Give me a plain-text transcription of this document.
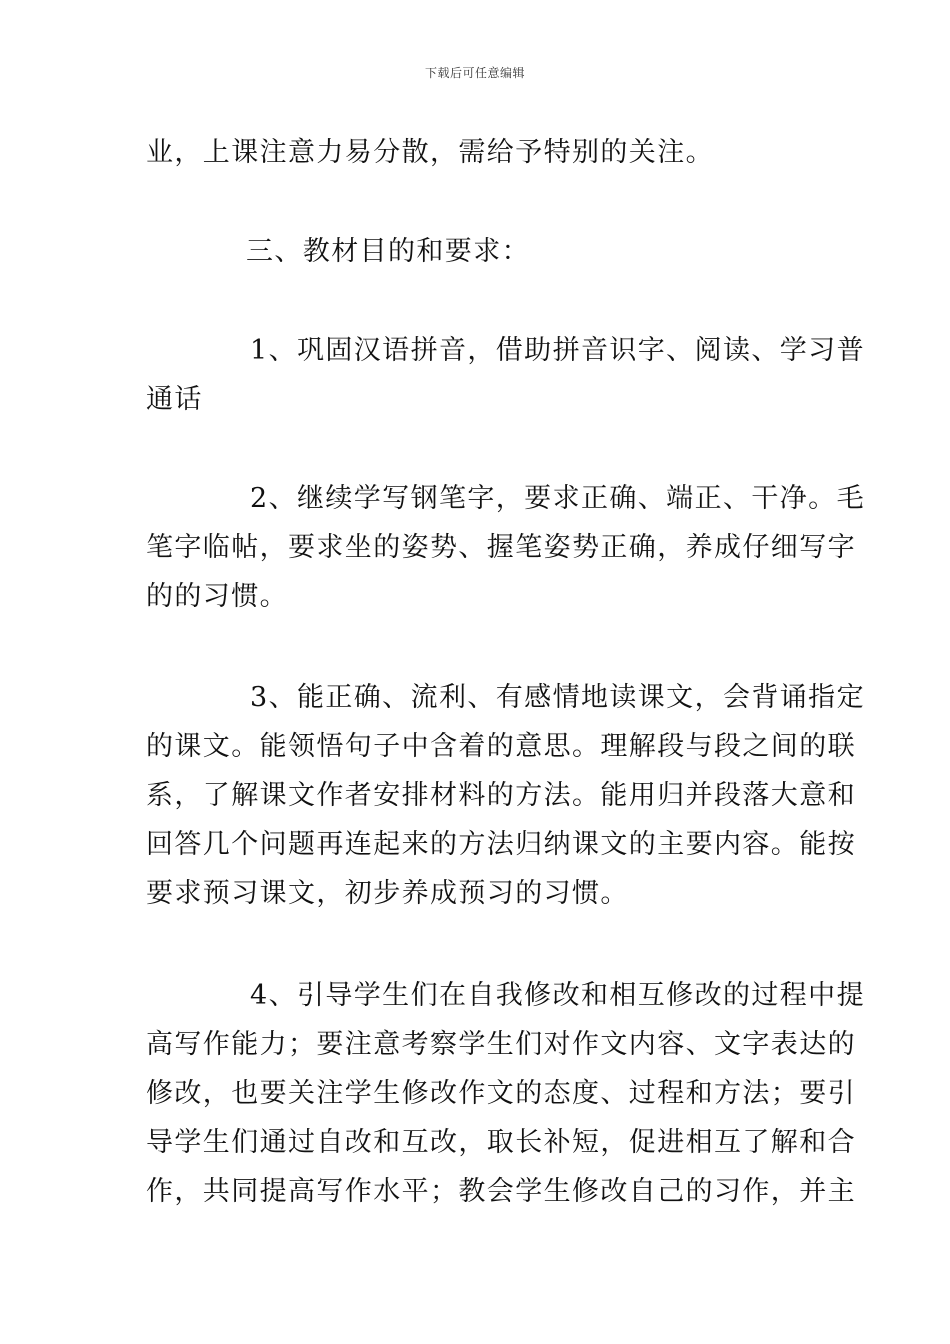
下载后可任意编辑
业，上课注意力易分散，需给予特别的关注。
三、教材目的和要求：
1、巩固汉语拼音，借助拼音识字、阅读、学习普
通话
2、继续学写钢笔字，要求正确、端正、干净。毛
笔字临帖，要求坐的姿势、握笔姿势正确，养成仔细写字
的的习惯。
3、能正确、流利、有感情地读课文，会背诵指定
的课文。能领悟句子中含着的意思。理解段与段之间的联
系，了解课文作者安排材料的方法。能用归并段落大意和
回答几个问题再连起来的方法归纳课文的主要内容。能按
要求预习课文，初步养成预习的习惯。
4、引导学生们在自我修改和相互修改的过程中提
高写作能力；要注意考察学生们对作文内容、文字表达的
修改，也要关注学生修改作文的态度、过程和方法；要引
导学生们通过自改和互改，取长补短，促进相互了解和合
作，共同提高写作水平；教会学生修改自己的习作，并主
